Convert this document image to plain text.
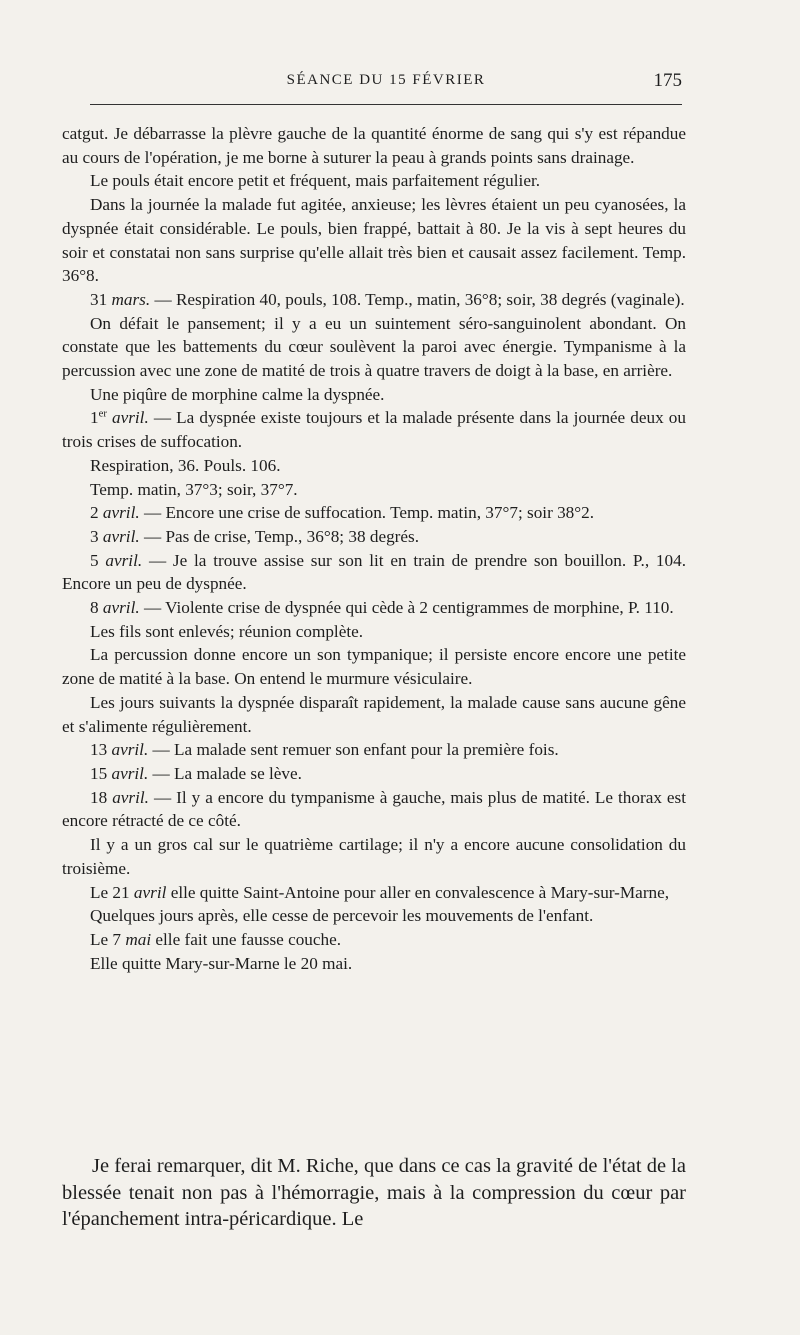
SÉANCE DU 15 FÉVRIER	175

catgut. Je débarrasse la plèvre gauche de la quantité énorme de sang qui s'y est répandue au cours de l'opération, je me borne à suturer la peau à grands points sans drainage.

Le pouls était encore petit et fréquent, mais parfaitement régulier.

Dans la journée la malade fut agitée, anxieuse; les lèvres étaient un peu cyanosées, la dyspnée était considérable. Le pouls, bien frappé, battait à 80. Je la vis à sept heures du soir et constatai non sans surprise qu'elle allait très bien et causait assez facilement. Temp. 36°8.

31 mars. — Respiration 40, pouls, 108. Temp., matin, 36°8; soir, 38 degrés (vaginale).

On défait le pansement; il y a eu un suintement séro-sanguinolent abondant. On constate que les battements du cœur soulèvent la paroi avec énergie. Tympanisme à la percussion avec une zone de matité de trois à quatre travers de doigt à la base, en arrière.

Une piqûre de morphine calme la dyspnée.

1er avril. — La dyspnée existe toujours et la malade présente dans la journée deux ou trois crises de suffocation.

Respiration, 36. Pouls. 106.

Temp. matin, 37°3; soir, 37°7.

2 avril. — Encore une crise de suffocation. Temp. matin, 37°7; soir 38°2.

3 avril. — Pas de crise, Temp., 36°8; 38 degrés.

5 avril. — Je la trouve assise sur son lit en train de prendre son bouillon. P., 104. Encore un peu de dyspnée.

8 avril. — Violente crise de dyspnée qui cède à 2 centigrammes de morphine, P. 110.

Les fils sont enlevés; réunion complète.

La percussion donne encore un son tympanique; il persiste encore encore une petite zone de matité à la base. On entend le murmure vésiculaire.

Les jours suivants la dyspnée disparaît rapidement, la malade cause sans aucune gêne et s'alimente régulièrement.

13 avril. — La malade sent remuer son enfant pour la première fois.

15 avril. — La malade se lève.

18 avril. — Il y a encore du tympanisme à gauche, mais plus de matité. Le thorax est encore rétracté de ce côté.

Il y a un gros cal sur le quatrième cartilage; il n'y a encore aucune consolidation du troisième.

Le 21 avril elle quitte Saint-Antoine pour aller en convalescence à Mary-sur-Marne,

Quelques jours après, elle cesse de percevoir les mouvements de l'enfant.

Le 7 mai elle fait une fausse couche.

Elle quitte Mary-sur-Marne le 20 mai.

Je ferai remarquer, dit M. Riche, que dans ce cas la gravité de l'état de la blessée tenait non pas à l'hémorragie, mais à la compression du cœur par l'épanchement intra-péricardique. Le
